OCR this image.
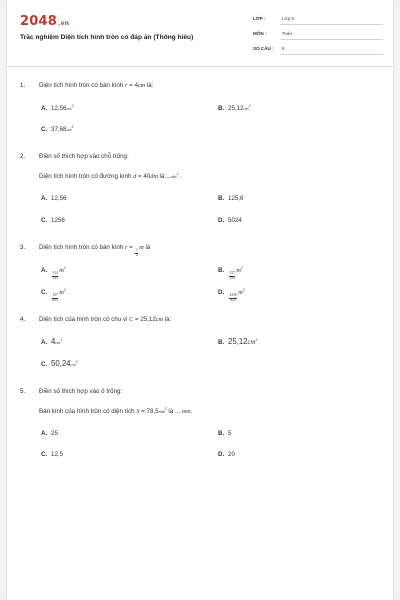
2048.vn
Trắc nghiệm Diện tích hình tròn có đáp án (Thông hiểu)
LỚP :	Lớp 5
MÔN :	Toán
SỐ CÂU : 5
1. Diện tích hình tròn có bán kính r = 4cm là:
A. $12,56cm^2$	B. $25,12cm^2$
C. $37,68cm^2$
2. Điền số thích hợp vào chỗ trống:
Diện tích hình tròn có đường kính d = 40dm là $...dm^2$ .
A. 12,56	B. 125,6
C. 1256	D. 5024
3. Diện tích hình tròn có bán kính r =
$\frac{1}{2}$
m là
A.
$\frac{314}{125}$
$m^2$	B.
$\frac{157}{125}$
$m^2$
C.
$\frac{157}{625}$
$m^2$	D.
$\frac{1256}{625}$
$m^2$
4. Diện tích của hình tròn có chu vi C = 25,12cm là:
A. $4cm^2$	B. $25,12cm^2$
C. $50,24cm^2$
5. Điền số thích hợp vào ô trống:
Bán kính của hình tròn có diện tích $S = 78,5mm^2$ là ... mm.
A. 25	B. 5
C. 12,5	D. 20
